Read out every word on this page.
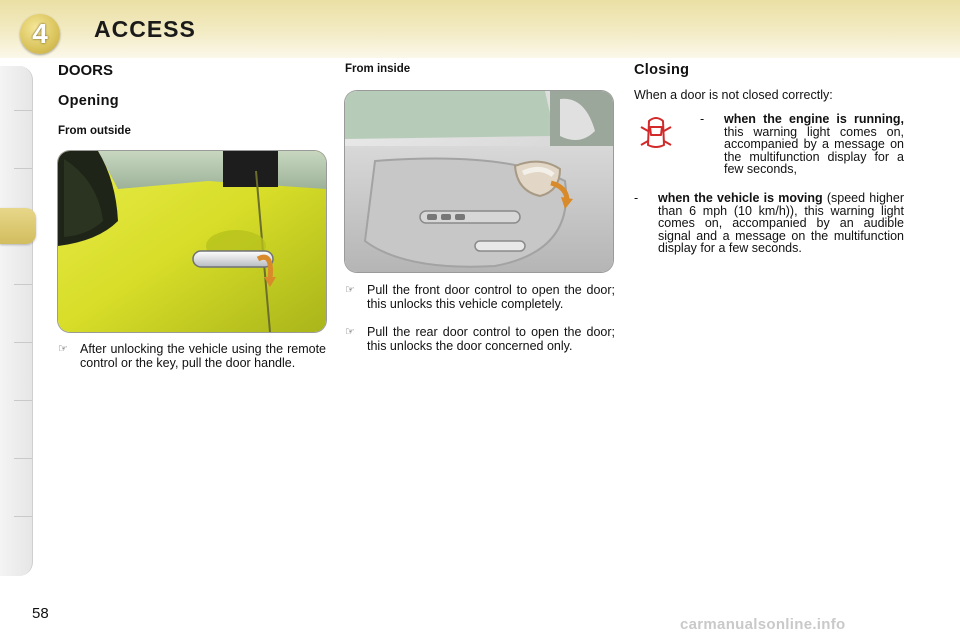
4	ACCESS
DOORS
Opening
From outside
☞ After unlocking the vehicle using the remote control or the key, pull the door handle.
From inside
☞ Pull the front door control to open the door; this unlocks this vehicle completely.
☞ Pull the rear door control to open the door; this unlocks the door concerned only.
Closing
When a door is not closed correctly:
- when the engine is running, this warning light comes on, accompanied by a message on the multifunction display for a few seconds,
- when the vehicle is moving (speed higher than 6 mph (10 km/h)), this warning light comes on, accompanied by an audible signal and a message on the multifunction display for a few seconds.
58
carmanualsonline.info
